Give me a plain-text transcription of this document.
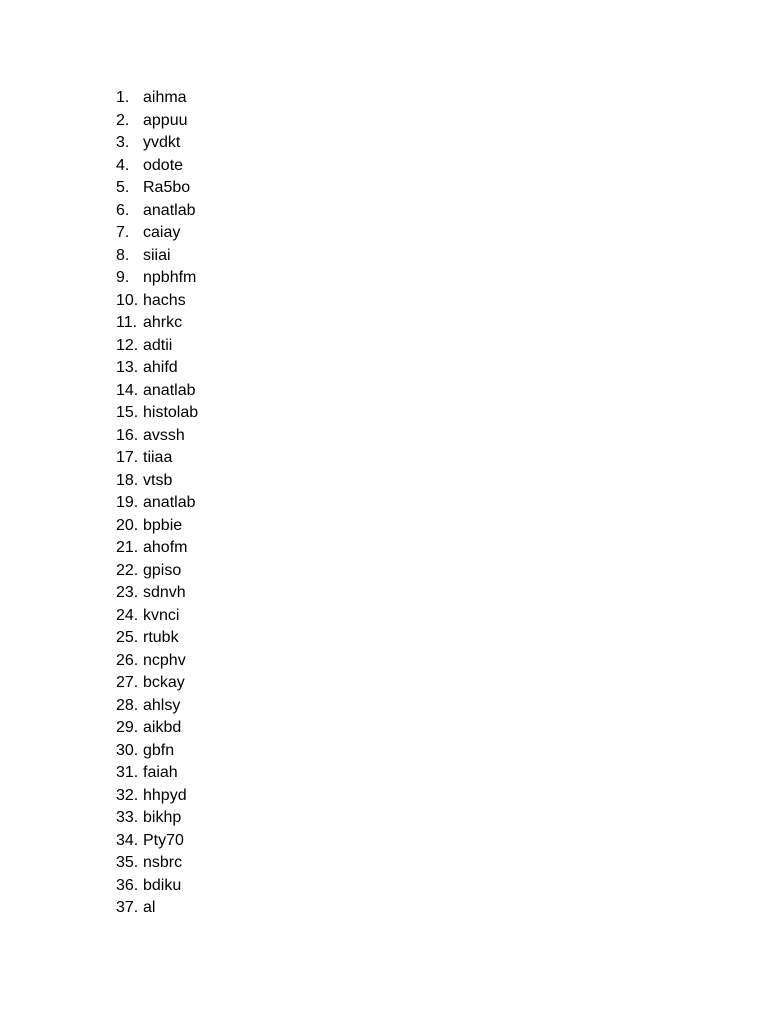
1. aihma
2. appuu
3. yvdkt
4. odote
5. Ra5bo
6. anatlab
7. caiay
8. siiai
9. npbhfm
10. hachs
11. ahrkc
12. adtii
13. ahifd
14. anatlab
15. histolab
16. avssh
17. tiiaa
18. vtsb
19. anatlab
20. bpbie
21. ahofm
22. gpiso
23. sdnvh
24. kvnci
25. rtubk
26. ncphv
27. bckay
28. ahlsy
29. aikbd
30. gbfn
31. faiah
32. hhpyd
33. bikhp
34. Pty70
35. nsbrc
36. bdiku
37. al
